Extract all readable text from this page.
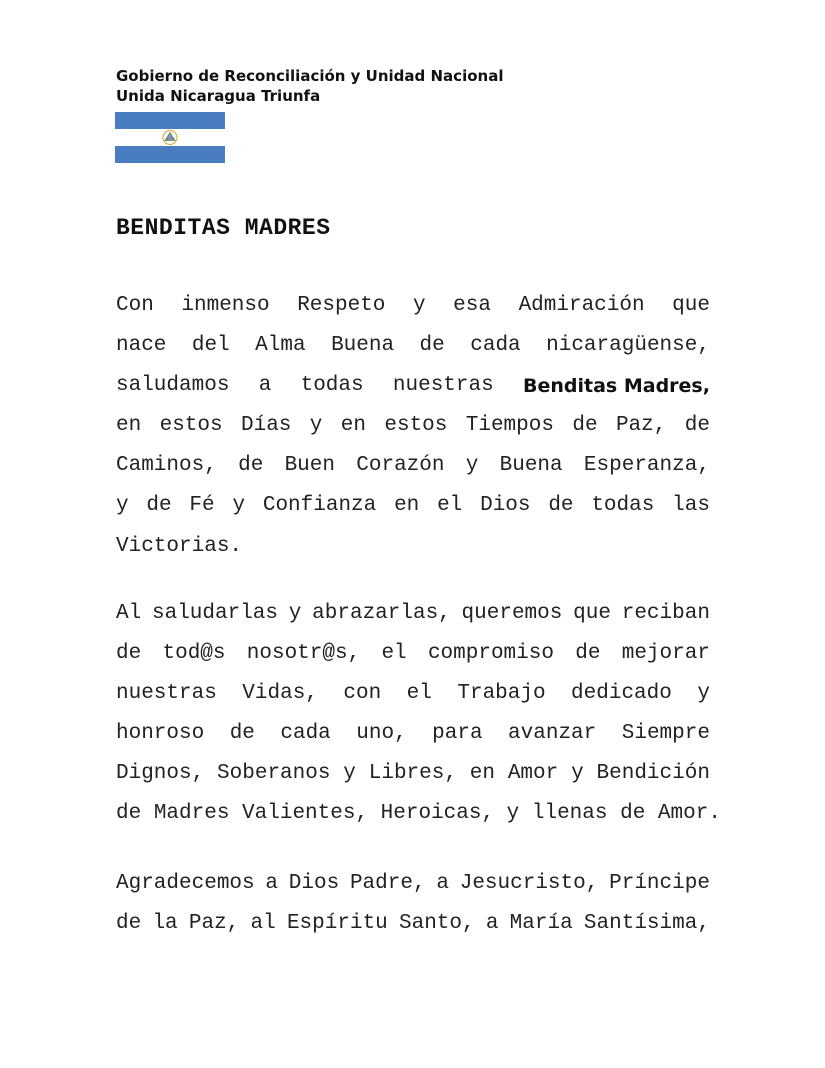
Gobierno de Reconciliación y Unidad Nacional
Unida Nicaragua Triunfa
BENDITAS MADRES
Con inmenso Respeto y esa Admiración que
nace del Alma Buena de cada nicaragüense,
saludamos a todas nuestras Benditas Madres,
en estos Días y en estos Tiempos de Paz, de
Caminos, de Buen Corazón y Buena Esperanza,
y de Fé y Confianza en el Dios de todas las
Victorias.
Al saludarlas y abrazarlas, queremos que reciban
de tod@s nosotr@s, el compromiso de mejorar
nuestras Vidas, con el Trabajo dedicado y
honroso de cada uno, para avanzar Siempre
Dignos, Soberanos y Libres, en Amor y Bendición
de Madres Valientes, Heroicas, y llenas de Amor.
Agradecemos a Dios Padre, a Jesucristo, Príncipe
de la Paz, al Espíritu Santo, a María Santísima,
